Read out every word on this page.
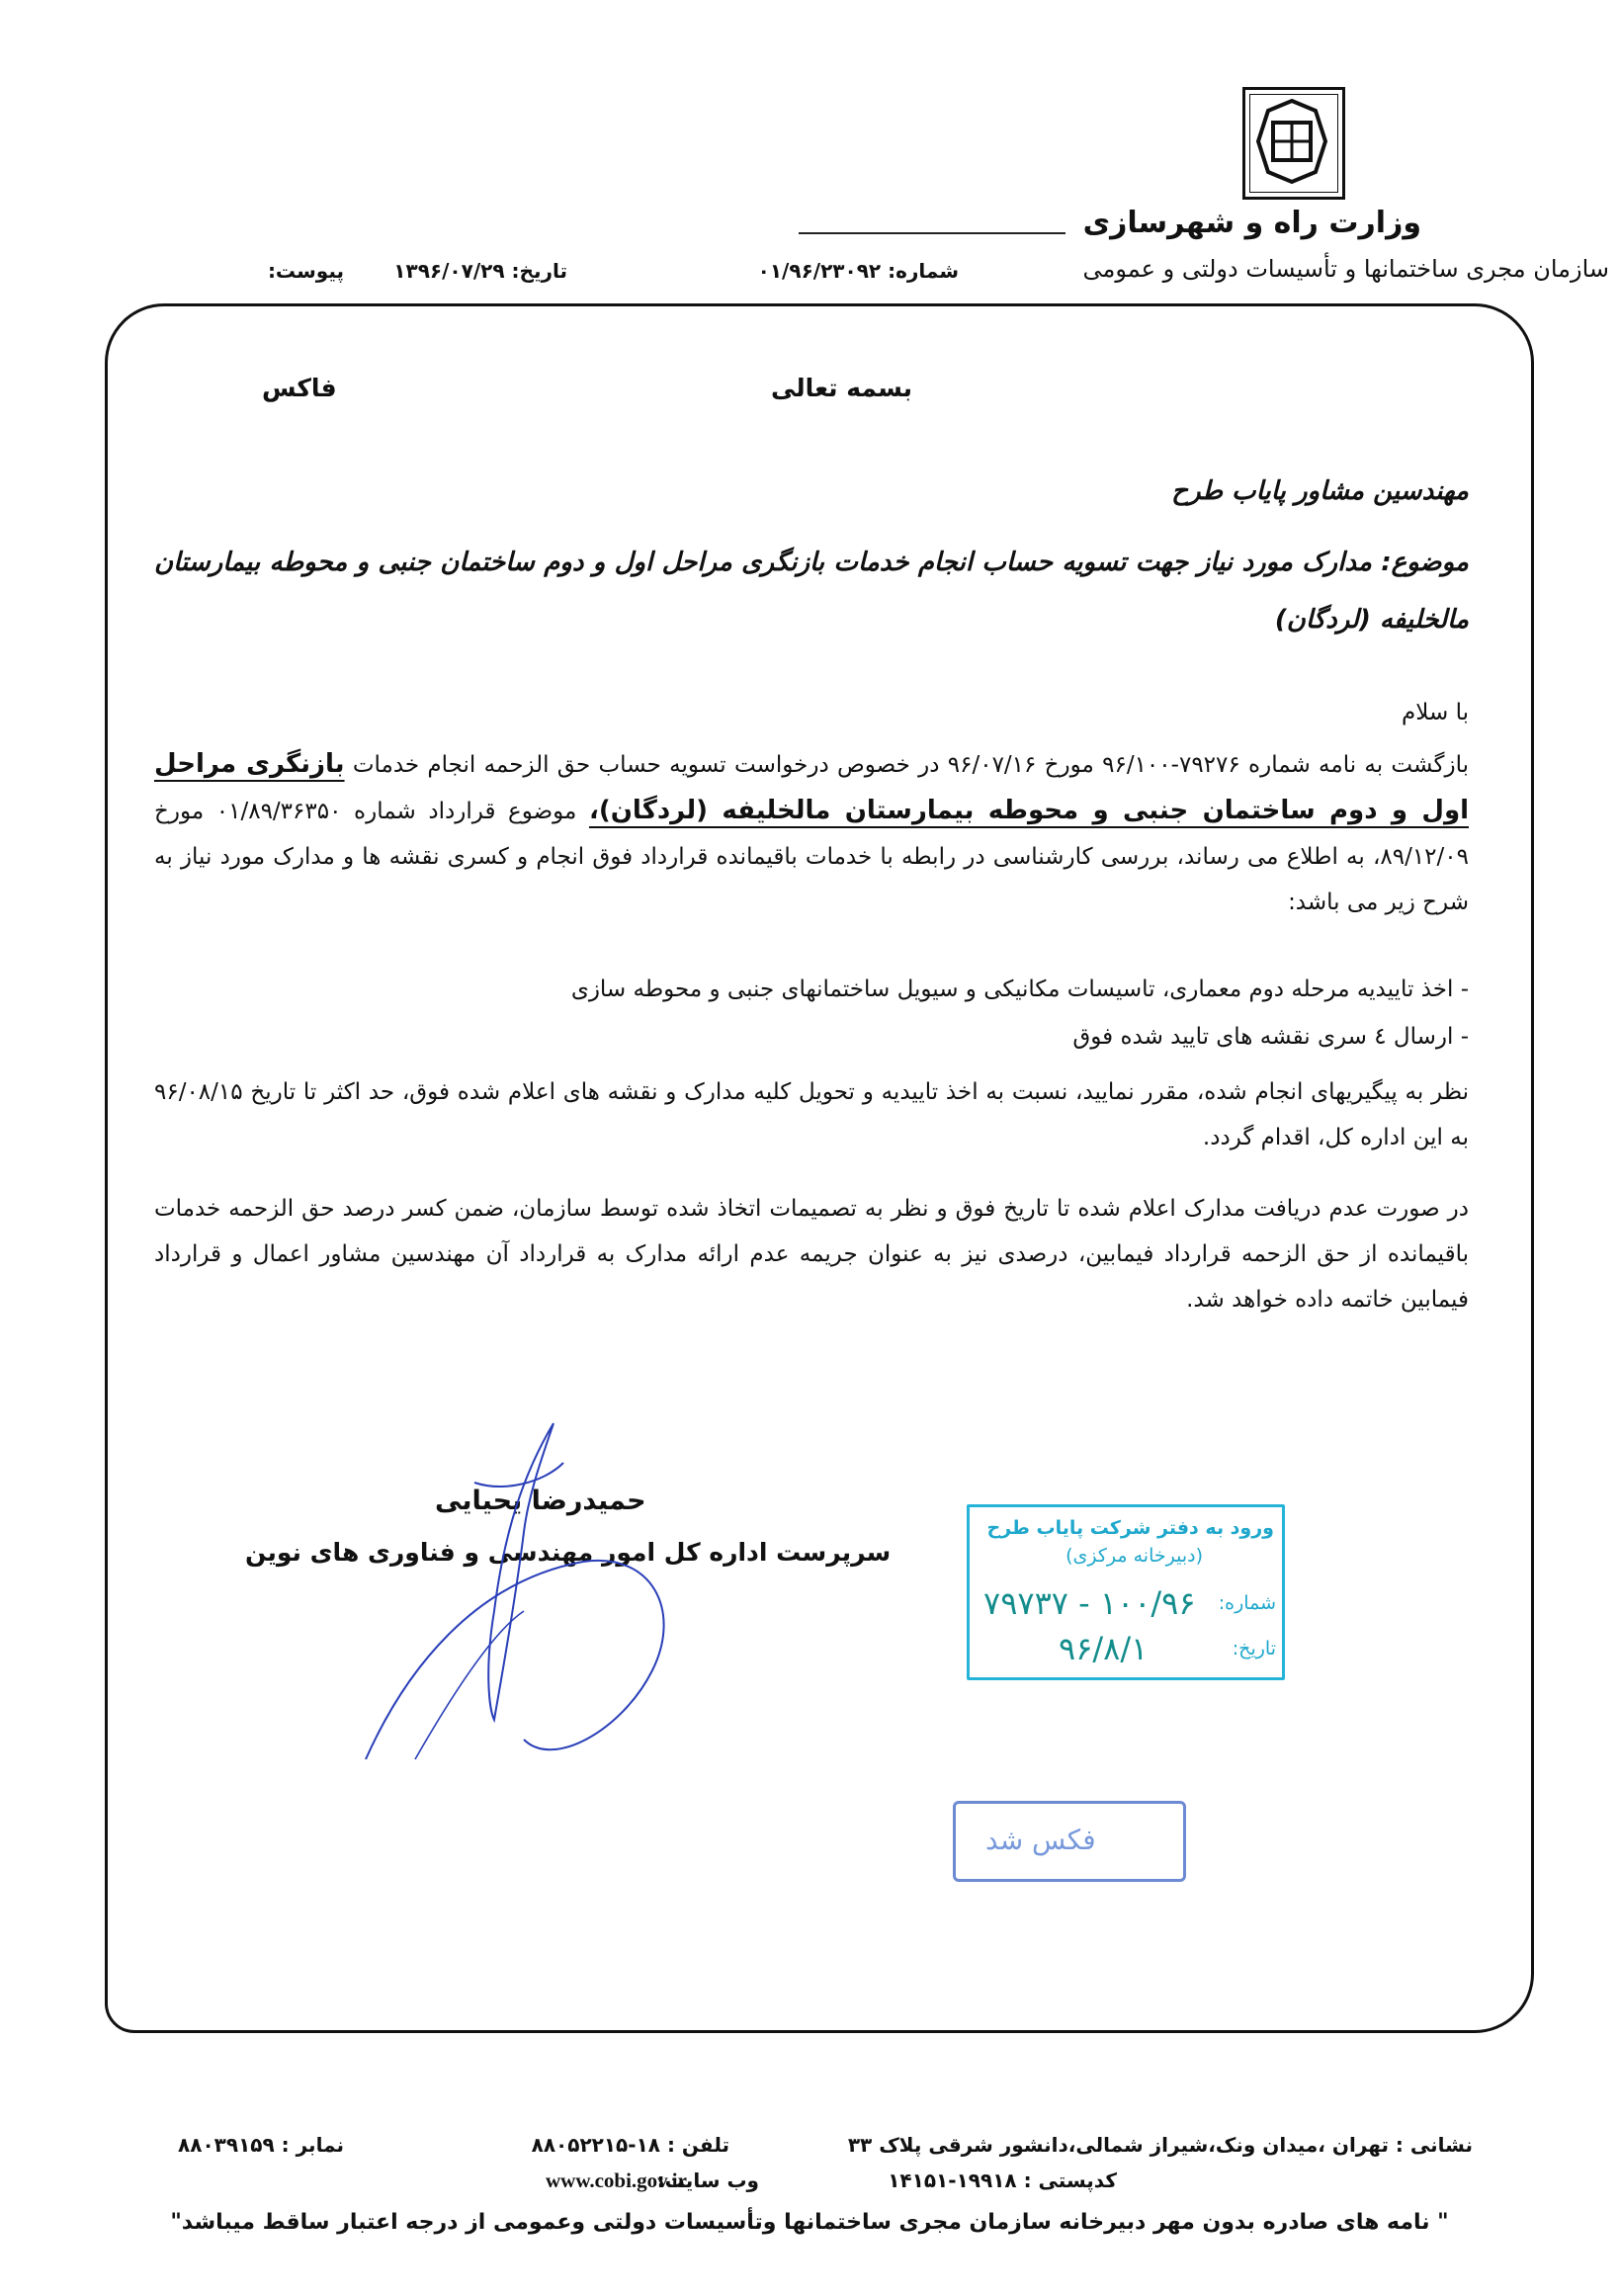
وزارت راه و شهرسازی
سازمان مجری ساختمانها و تأسیسات دولتی و عمومی
شماره: ۰۱/۹۶/۲۳۰۹۲
تاریخ: ۱۳۹۶/۰۷/۲۹
پیوست:
بسمه تعالی
فاکس
مهندسین مشاور پایاب طرح
موضوع: مدارک مورد نیاز جهت تسویه حساب انجام خدمات بازنگری مراحل اول و دوم ساختمان جنبی و محوطه بیمارستان مالخلیفه (لردگان)
با سلام
بازگشت به نامه شماره ۷۹۲۷۶-۹۶/۱۰۰ مورخ ۹۶/۰۷/۱۶ در خصوص درخواست تسویه حساب حق الزحمه انجام خدمات بازنگری مراحل اول و دوم ساختمان جنبی و محوطه بیمارستان مالخلیفه (لردگان)، موضوع قرارداد شماره ۰۱/۸۹/۳۶۳۵۰ مورخ ۸۹/۱۲/۰۹، به اطلاع می رساند، بررسی کارشناسی در رابطه با خدمات باقیمانده قرارداد فوق انجام و کسری نقشه ها و مدارک مورد نیاز به شرح زیر می باشد:
- اخذ تاییدیه مرحله دوم معماری، تاسیسات مکانیکی و سیویل ساختمانهای جنبی و محوطه سازی
- ارسال ٤ سری نقشه های تایید شده فوق
نظر به پیگیریهای انجام شده، مقرر نمایید، نسبت به اخذ تاییدیه و تحویل کلیه مدارک و نقشه های اعلام شده فوق، حد اکثر تا تاریخ ۹۶/۰۸/۱۵ به این اداره کل، اقدام گردد.
در صورت عدم دریافت مدارک اعلام شده تا تاریخ فوق و نظر به تصمیمات اتخاذ شده توسط سازمان، ضمن کسر درصد حق الزحمه خدمات باقیمانده از حق الزحمه قرارداد فیمابین، درصدی نیز به عنوان جریمه عدم ارائه مدارک به قرارداد آن مهندسین مشاور اعمال و قرارداد فیمابین خاتمه داده خواهد شد.
حمیدرضا یحیایی
سرپرست اداره کل امور مهندسی و فناوری های نوین
ورود به دفتر شرکت پایاب طرح
(دبیرخانه مرکزی)
شماره:
تاریخ:
۱۰۰/۹۶ - ۷۹۷۳۷
۹۶/۸/۱
فکس شد
نشانی : تهران ،میدان ونک،شیراز شمالی،دانشور شرقی پلاک ۳۳
تلفن : ۱۸-۸۸۰۵۲۲۱۵
نمابر : ۸۸۰۳۹۱۵۹
کدپستی : ۱۹۹۱۸-۱۴۱۵۱
وب سایت:
www.cobi.gov.ir
" نامه های صادره بدون مهر دبیرخانه سازمان مجری ساختمانها وتأسیسات دولتی وعمومی از درجه اعتبار ساقط میباشد"
